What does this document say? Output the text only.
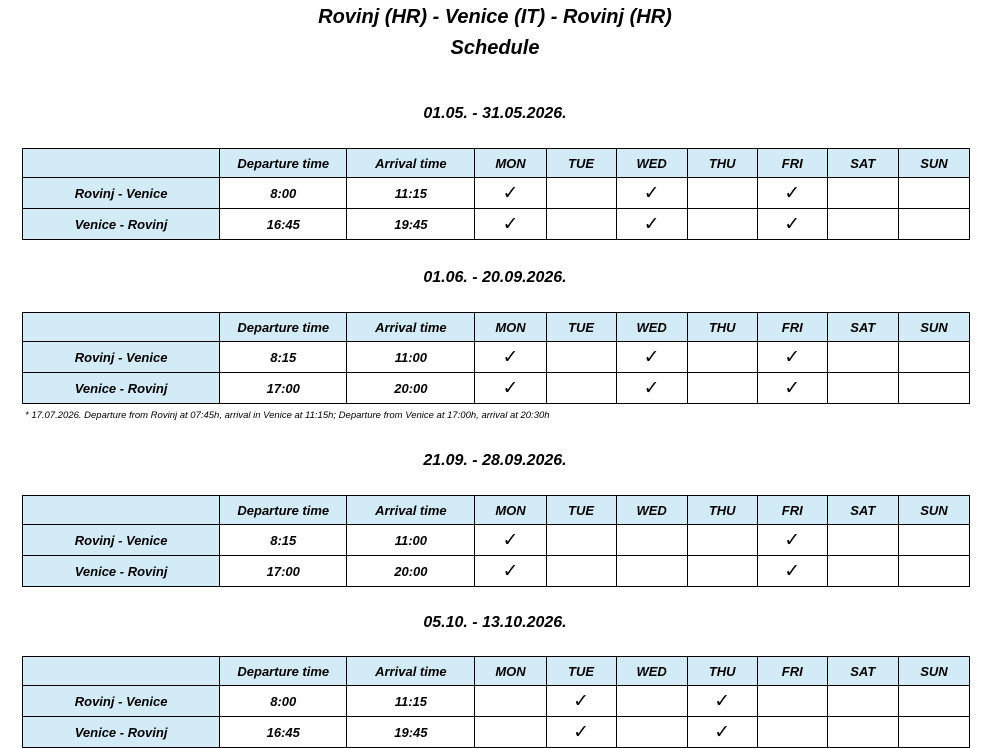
Rovinj (HR) - Venice (IT) - Rovinj (HR)
Schedule
01.05. - 31.05.2026.
	Departure time	Arrival time	MON	TUE	WED	THU	FRI	SAT	SUN
Rovinj - Venice	8:00	11:15	✓		✓		✓		
Venice - Rovinj	16:45	19:45	✓		✓		✓		
01.06. - 20.09.2026.
	Departure time	Arrival time	MON	TUE	WED	THU	FRI	SAT	SUN
Rovinj - Venice	8:15	11:00	✓		✓		✓		
Venice - Rovinj	17:00	20:00	✓		✓		✓		
* 17.07.2026. Departure from Rovinj at 07:45h, arrival in Venice at 11:15h; Departure from Venice at 17:00h, arrival at 20:30h
21.09. - 28.09.2026.
	Departure time	Arrival time	MON	TUE	WED	THU	FRI	SAT	SUN
Rovinj - Venice	8:15	11:00	✓				✓		
Venice - Rovinj	17:00	20:00	✓				✓		
05.10. - 13.10.2026.
	Departure time	Arrival time	MON	TUE	WED	THU	FRI	SAT	SUN
Rovinj - Venice	8:00	11:15		✓		✓			
Venice - Rovinj	16:45	19:45		✓		✓			
